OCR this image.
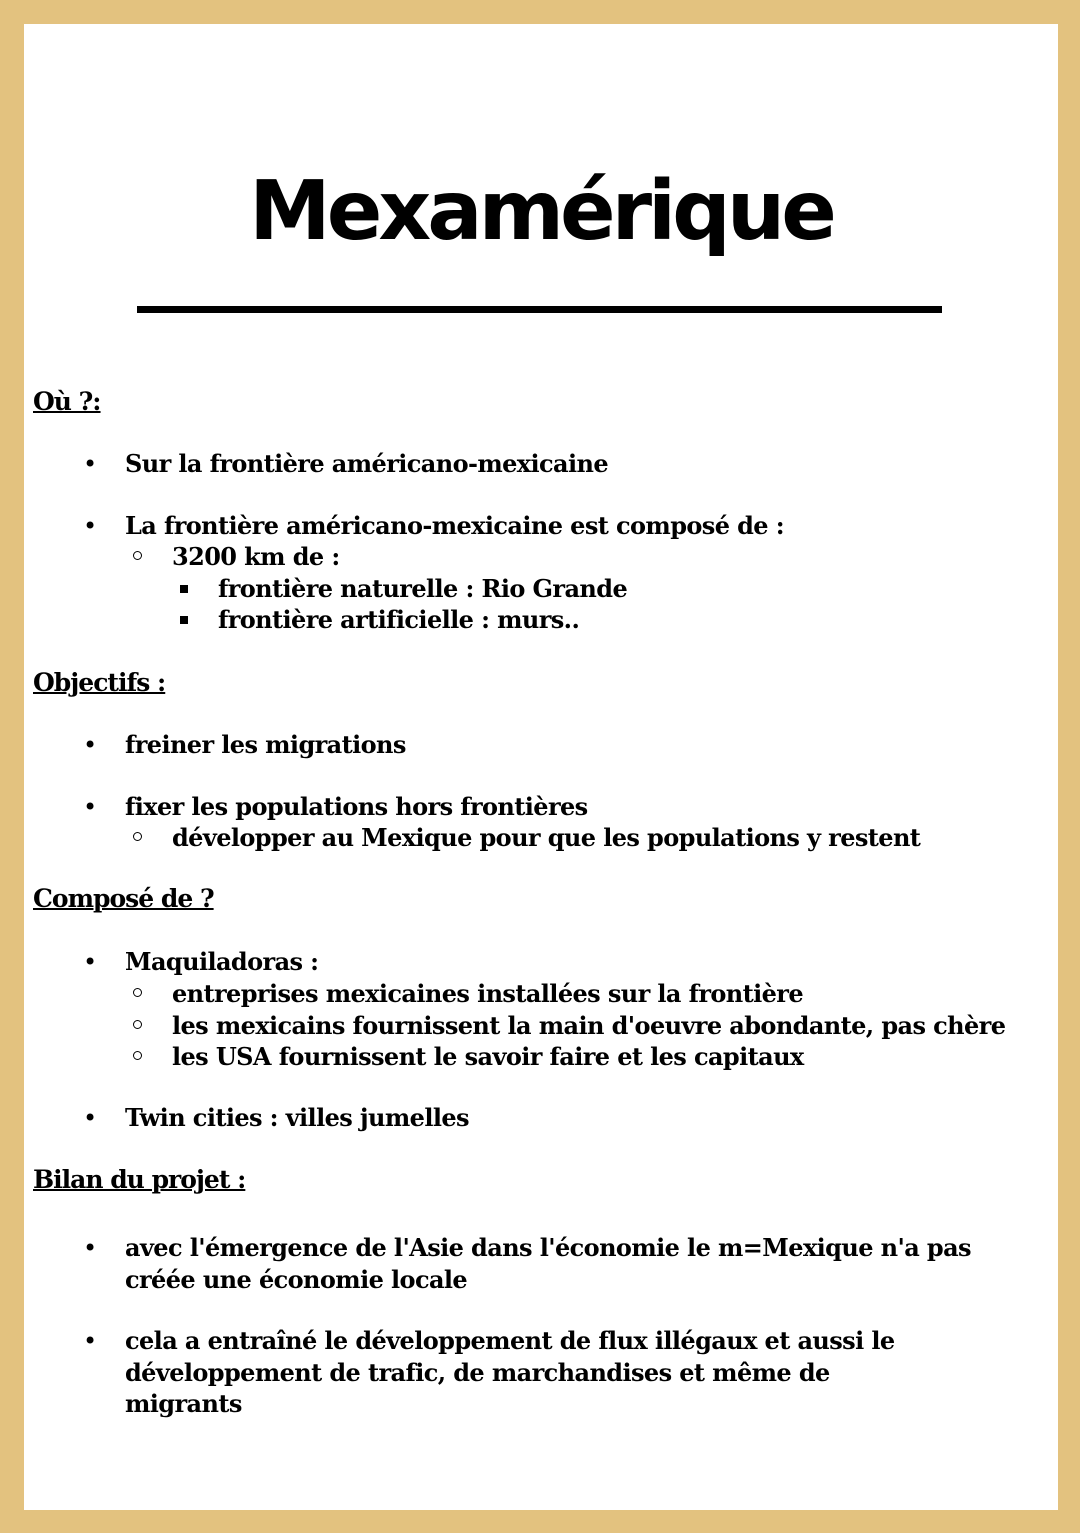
Mexamérique
Où ?:
• Sur la frontière américano-mexicaine
• La frontière américano-mexicaine est composé de :
3200 km de :
frontière naturelle : Rio Grande
frontière artificielle : murs..
Objectifs :
• freiner les migrations
• fixer les populations hors frontières
développer au Mexique pour que les populations y restent
Composé de ?
• Maquiladoras :
entreprises mexicaines installées sur la frontière
les mexicains fournissent la main d'oeuvre abondante, pas chère
les USA fournissent le savoir faire et les capitaux
• Twin cities : villes jumelles
Bilan du projet :
• avec l'émergence de l'Asie dans l'économie le m=Mexique n'a pas créée une économie locale
• cela a entraîné le développement de flux illégaux et aussi le développement de trafic, de marchandises et même de migrants
